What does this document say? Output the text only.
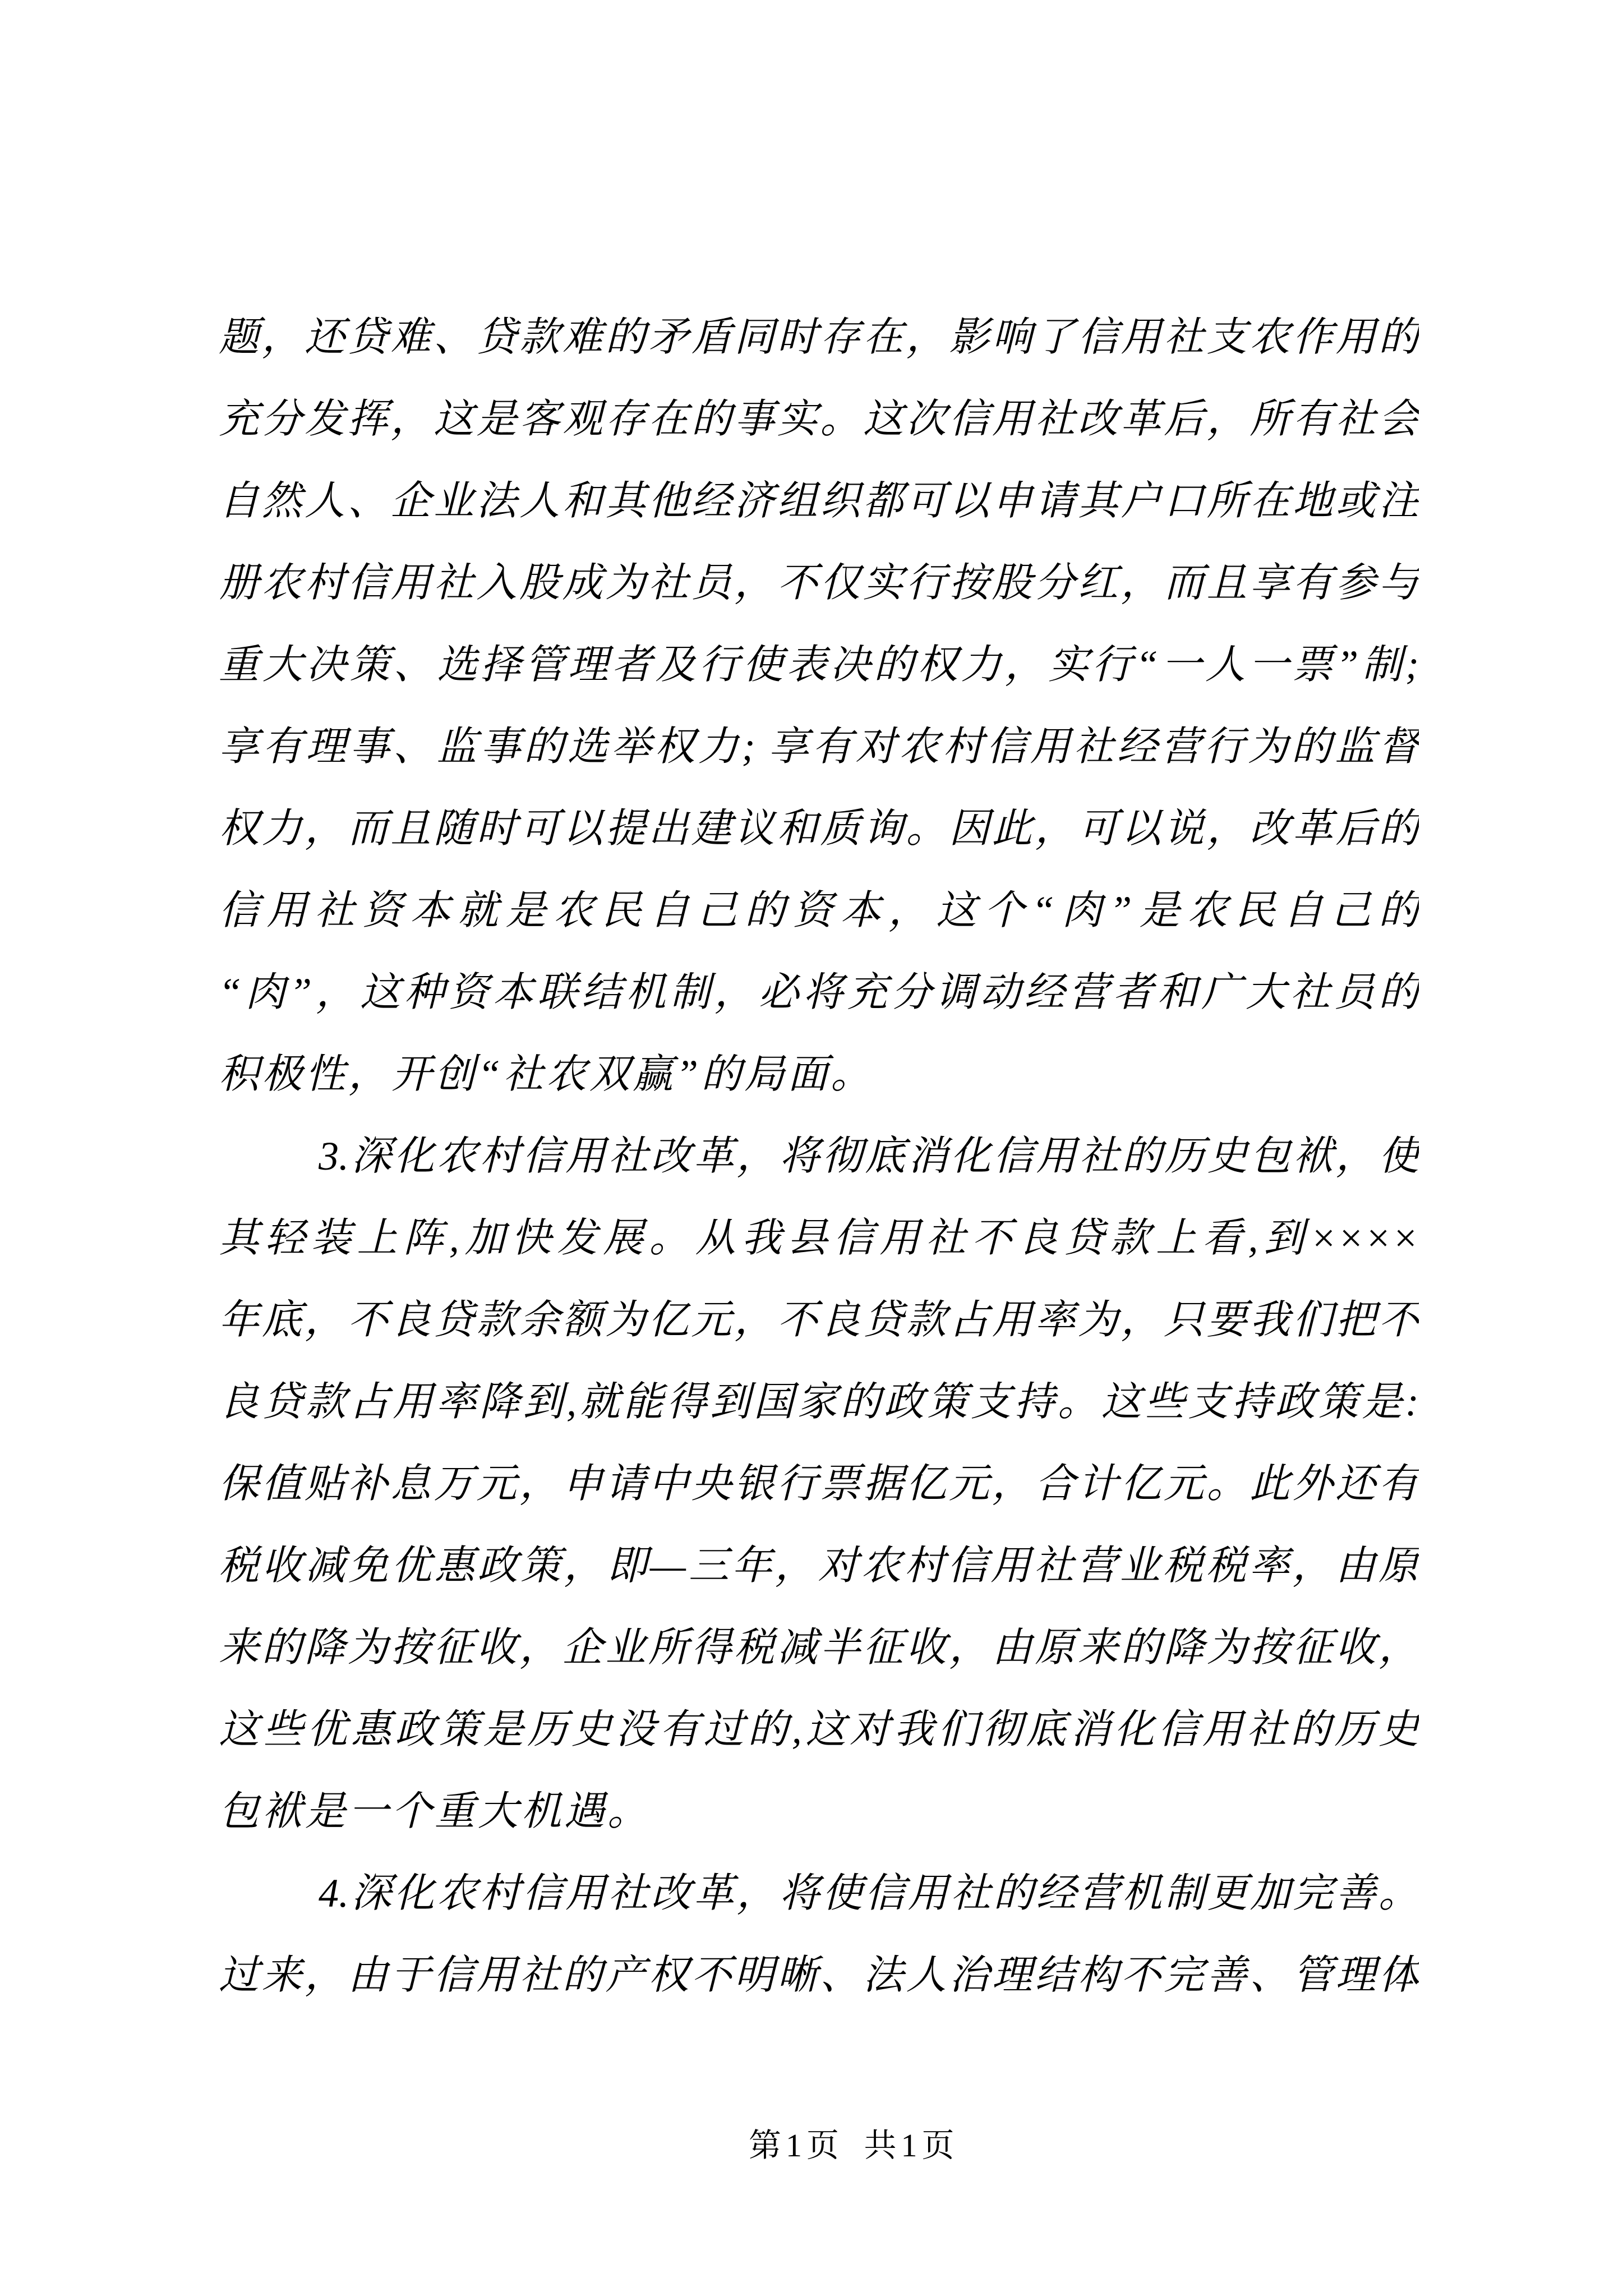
题，还贷难、贷款难的矛盾同时存在，影响了信用社支农作用的
充分发挥，这是客观存在的事实。这次信用社改革后，所有社会
自然人、企业法人和其他经济组织都可以申请其户口所在地或注
册农村信用社入股成为社员，不仅实行按股分红，而且享有参与
重大决策、选择管理者及行使表决的权力，实行“一人一票”制;
享有理事、监事的选举权力; 享有对农村信用社经营行为的监督
权力，而且随时可以提出建议和质询。因此，可以说，改革后的
信用社资本就是农民自己的资本，这个“肉”是农民自己的
“肉”，这种资本联结机制，必将充分调动经营者和广大社员的
积极性，开创“社农双赢”的局面。
3.深化农村信用社改革，将彻底消化信用社的历史包袱，使
其轻装上阵,加快发展。从我县信用社不良贷款上看,到××××
年底，不良贷款余额为亿元，不良贷款占用率为，只要我们把不
良贷款占用率降到,就能得到国家的政策支持。这些支持政策是:
保值贴补息万元，申请中央银行票据亿元，合计亿元。此外还有
税收减免优惠政策，即—三年，对农村信用社营业税税率，由原
来的降为按征收，企业所得税减半征收，由原来的降为按征收，
这些优惠政策是历史没有过的,这对我们彻底消化信用社的历史
包袱是一个重大机遇。
4.深化农村信用社改革，将使信用社的经营机制更加完善。
过来，由于信用社的产权不明晰、法人治理结构不完善、管理体
第1页 共1页
